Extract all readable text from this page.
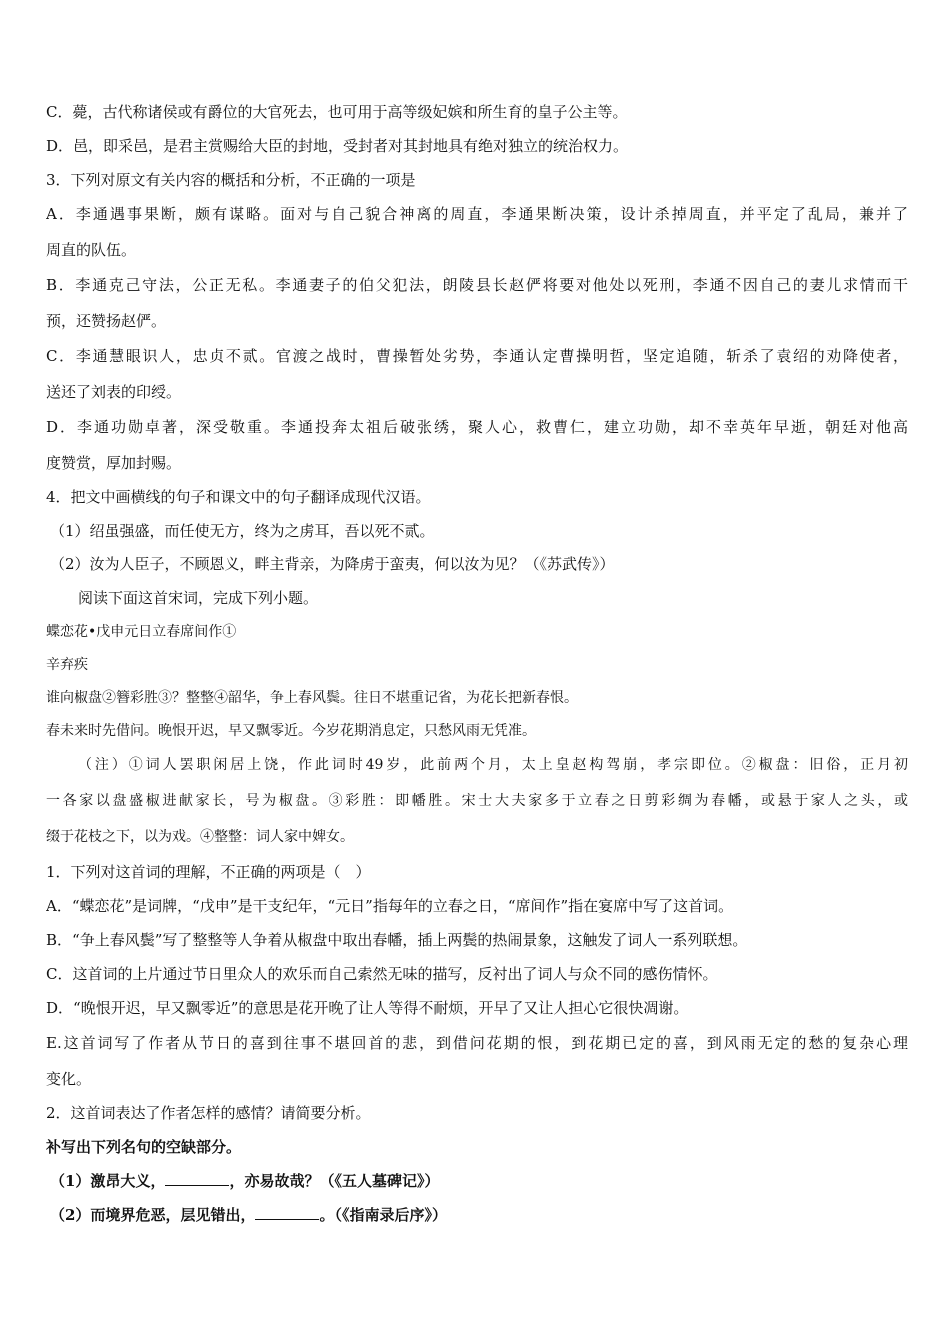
C．薨，古代称诸侯或有爵位的大官死去，也可用于高等级妃嫔和所生育的皇子公主等。
D．邑，即采邑，是君主赏赐给大臣的封地，受封者对其封地具有绝对独立的统治权力。
3．下列对原文有关内容的概括和分析，不正确的一项是
A．李通遇事果断，颇有谋略。面对与自己貌合神离的周直，李通果断决策，设计杀掉周直，并平定了乱局，兼并了
周直的队伍。
B．李通克己守法，公正无私。李通妻子的伯父犯法，朗陵县长赵俨将要对他处以死刑，李通不因自己的妻儿求情而干
预，还赞扬赵俨。
C．李通慧眼识人，忠贞不贰。官渡之战时，曹操暂处劣势，李通认定曹操明哲，坚定追随，斩杀了袁绍的劝降使者，
送还了刘表的印绶。
D．李通功勋卓著，深受敬重。李通投奔太祖后破张绣，聚人心，救曹仁，建立功勋，却不幸英年早逝，朝廷对他高
度赞赏，厚加封赐。
4．把文中画横线的句子和课文中的句子翻译成现代汉语。
（1）绍虽强盛，而任使无方，终为之虏耳，吾以死不贰。
（2）汝为人臣子，不顾恩义，畔主背亲，为降虏于蛮夷，何以汝为见？（《苏武传》）
阅读下面这首宋词，完成下列小题。
蝶恋花•戊申元日立春席间作①
辛弃疾
谁向椒盘②簪彩胜③？整整④韶华，争上春风鬓。往日不堪重记省，为花长把新春恨。
春未来时先借问。晚恨开迟，早又飘零近。今岁花期消息定，只愁风雨无凭准。
（注）①词人罢职闲居上饶，作此词时49岁，此前两个月，太上皇赵构驾崩，孝宗即位。②椒盘：旧俗，正月初
一各家以盘盛椒进献家长，号为椒盘。③彩胜：即幡胜。宋士大夫家多于立春之日剪彩绸为春幡，或悬于家人之头，或
缀于花枝之下，以为戏。④整整：词人家中婢女。
1．下列对这首词的理解，不正确的两项是（　）
A．“蝶恋花”是词牌，“戊申”是干支纪年，“元日”指每年的立春之日，“席间作”指在宴席中写了这首词。
B．“争上春风鬓”写了整整等人争着从椒盘中取出春幡，插上两鬓的热闹景象，这触发了词人一系列联想。
C．这首词的上片通过节日里众人的欢乐而自己索然无味的描写，反衬出了词人与众不同的感伤情怀。
D．“晚恨开迟，早又飘零近”的意思是花开晚了让人等得不耐烦，开早了又让人担心它很快凋谢。
E.这首词写了作者从节日的喜到往事不堪回首的悲，到借问花期的恨，到花期已定的喜，到风雨无定的愁的复杂心理
变化。
2．这首词表达了作者怎样的感情？请简要分析。
补写出下列名句的空缺部分。
（1）激昂大义，	，亦易故哉？（《五人墓碑记》）
（2）而境界危恶，层见错出，	。（《指南录后序》）
